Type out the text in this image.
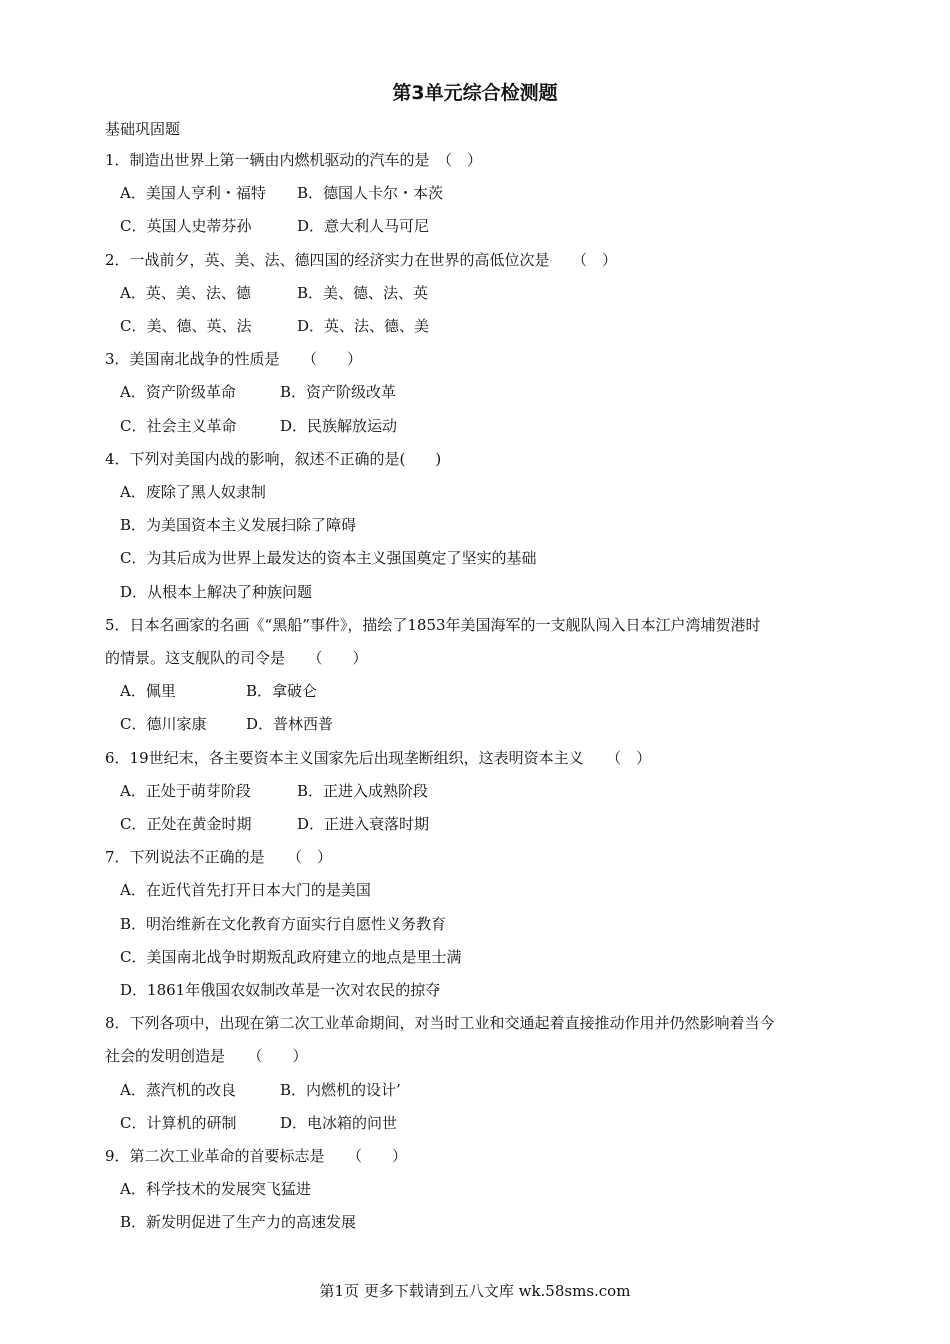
第3单元综合检测题
基础巩固题
1．制造出世界上第一辆由内燃机驱动的汽车的是　（　）
A．美国人亨利・福特 B．德国人卡尔・本茨
C．英国人史蒂芬孙	D．意大利人马可尼
2．一战前夕，英、美、法、德四国的经济实力在世界的高低位次是　　（　）
A．英、美、法、德	B．美、德、法、英
C．美、德、英、法	D．英、法、德、美
3．美国南北战争的性质是　　（　　）
A．资产阶级革命	B．资产阶级改革
C．社会主义革命	D．民族解放运动
4．下列对美国内战的影响，叙述不正确的是(　　)
A．废除了黑人奴隶制
B．为美国资本主义发展扫除了障碍
C．为其后成为世界上最发达的资本主义强国奠定了坚实的基础
D．从根本上解决了种族问题
5．日本名画家的名画《“黑船”事件》，描绘了1853年美国海军的一支舰队闯入日本江户湾埔贺港时
的情景。这支舰队的司令是　　（　　）
A．佩里	B．拿破仑
C．德川家康	D．普林西普
6．19世纪末，各主要资本主义国家先后出现垄断组织，这表明资本主义　　（　）
A．正处于萌芽阶段	B．正进入成熟阶段
C．正处在黄金时期	D．正进入衰落时期
7．下列说法不正确的是　　（　）
A．在近代首先打开日本大门的是美国
B．明治维新在文化教育方面实行自愿性义务教育
C．美国南北战争时期叛乱政府建立的地点是里士满
D．1861年俄国农奴制改革是一次对农民的掠夺
8．下列各项中，出现在第二次工业革命期间，对当时工业和交通起着直接推动作用并仍然影响着当今
社会的发明创造是　　（　　）
A．蒸汽机的改良	B．内燃机的设计’
C．计算机的研制	D．电冰箱的问世
9．第二次工业革命的首要标志是　　（　　）
A．科学技术的发展突飞猛进
B．新发明促进了生产力的高速发展
第1页 更多下载请到五八文库 wk.58sms.com
